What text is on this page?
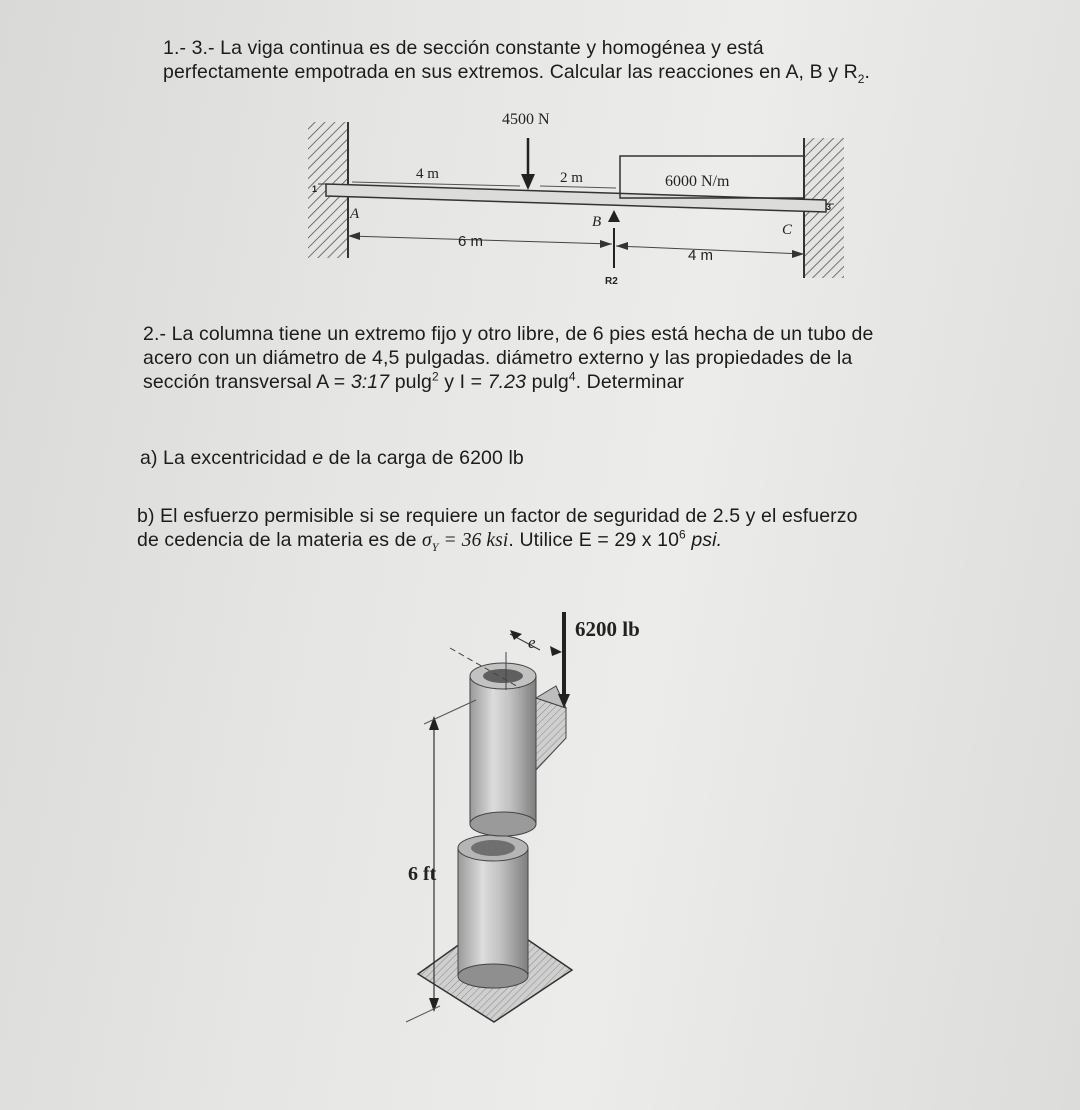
1.- 3.- La viga continua es de sección constante y homogénea y está

perfectamente empotrada en sus extremos. Calcular las reacciones en A, B y $R_2$.

4500 N
4 m	2 m	6000 N/m
1
3
A	B	C
6 m
4 m
R2

2.- La columna tiene un extremo fijo y otro libre, de 6 pies está hecha de un tubo de

acero con un diámetro de 4,5 pulgadas. diámetro externo y las propiedades de la

sección transversal A = 3:17 pulg$^2$ y I = 7.23 pulg$^4$. Determinar

a) La excentricidad e de la carga de 6200 lb

b) El esfuerzo permisible si se requiere un factor de seguridad de 2.5 y el esfuerzo

de cedencia de la materia es de $\sigma_Y = 36$ ksi. Utilice E = 29 x $10^6$ psi.

6200 lb
e
6 ft
